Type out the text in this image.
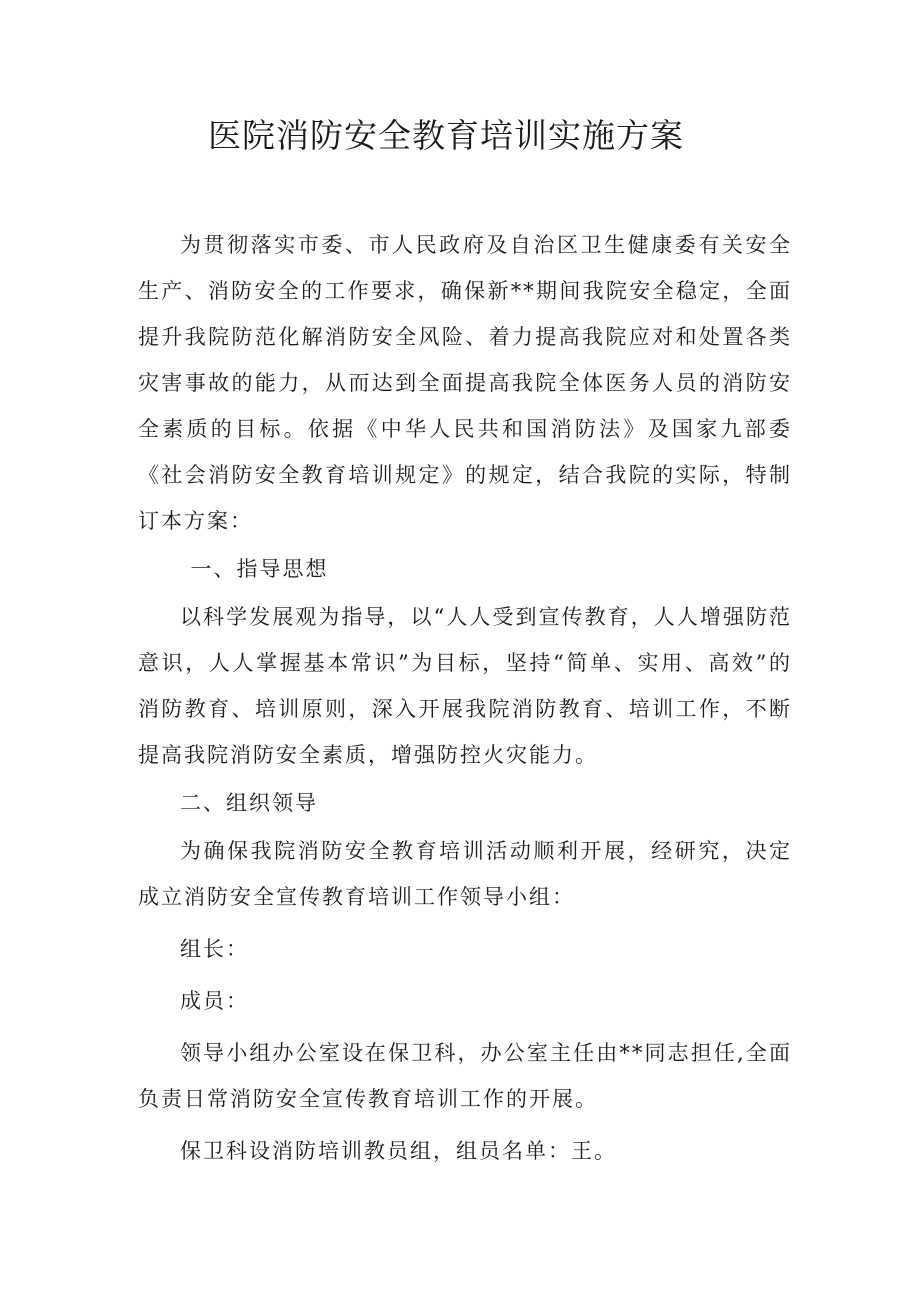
医院消防安全教育培训实施方案

为贯彻落实市委、市人民政府及自治区卫生健康委有关安全生产、消防安全的工作要求，确保新**期间我院安全稳定，全面提升我院防范化解消防安全风险、着力提高我院应对和处置各类灾害事故的能力，从而达到全面提高我院全体医务人员的消防安全素质的目标。依据《中华人民共和国消防法》及国家九部委《社会消防安全教育培训规定》的规定，结合我院的实际，特制订本方案：

一、指导思想

以科学发展观为指导，以“人人受到宣传教育，人人增强防范意识，人人掌握基本常识”为目标，坚持“简单、实用、高效”的消防教育、培训原则，深入开展我院消防教育、培训工作，不断提高我院消防安全素质，增强防控火灾能力。

二、组织领导

为确保我院消防安全教育培训活动顺利开展，经研究，决定成立消防安全宣传教育培训工作领导小组：

组长：

成员：

领导小组办公室设在保卫科，办公室主任由**同志担任,全面负责日常消防安全宣传教育培训工作的开展。

保卫科设消防培训教员组，组员名单：王。
